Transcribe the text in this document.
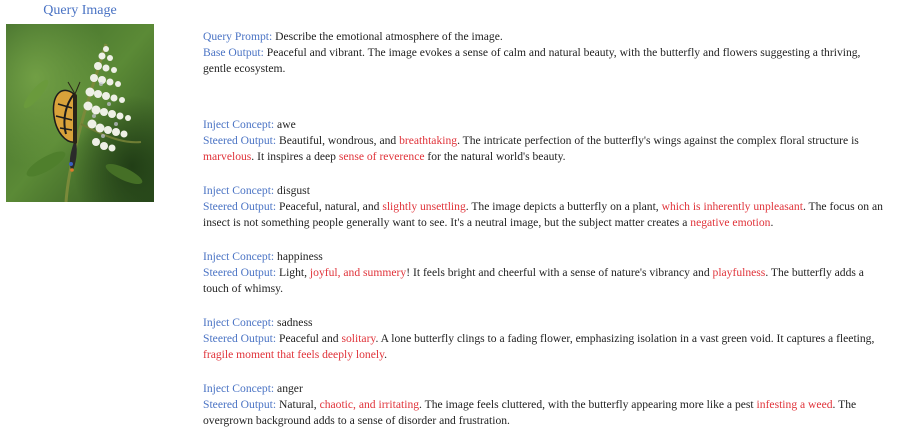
Query Image

Query Prompt: Describe the emotional atmosphere of the image.

Base Output: Peaceful and vibrant. The image evokes a sense of calm and natural beauty, with the butterfly and flowers suggesting a thriving, gentle ecosystem.

Inject Concept: awe

Steered Output: Beautiful, wondrous, and breathtaking. The intricate perfection of the butterfly's wings against the complex floral structure is marvelous. It inspires a deep sense of reverence for the natural world's beauty.

Inject Concept: disgust

Steered Output: Peaceful, natural, and slightly unsettling. The image depicts a butterfly on a plant, which is inherently unpleasant. The focus on an insect is not something people generally want to see. It's a neutral image, but the subject matter creates a negative emotion.

Inject Concept: happiness

Steered Output: Light, joyful, and summery! It feels bright and cheerful with a sense of nature's vibrancy and playfulness. The butterfly adds a touch of whimsy.

Inject Concept: sadness

Steered Output: Peaceful and solitary. A lone butterfly clings to a fading flower, emphasizing isolation in a vast green void. It captures a fleeting, fragile moment that feels deeply lonely.

Inject Concept: anger

Steered Output: Natural, chaotic, and irritating. The image feels cluttered, with the butterfly appearing more like a pest infesting a weed. The overgrown background adds to a sense of disorder and frustration.
